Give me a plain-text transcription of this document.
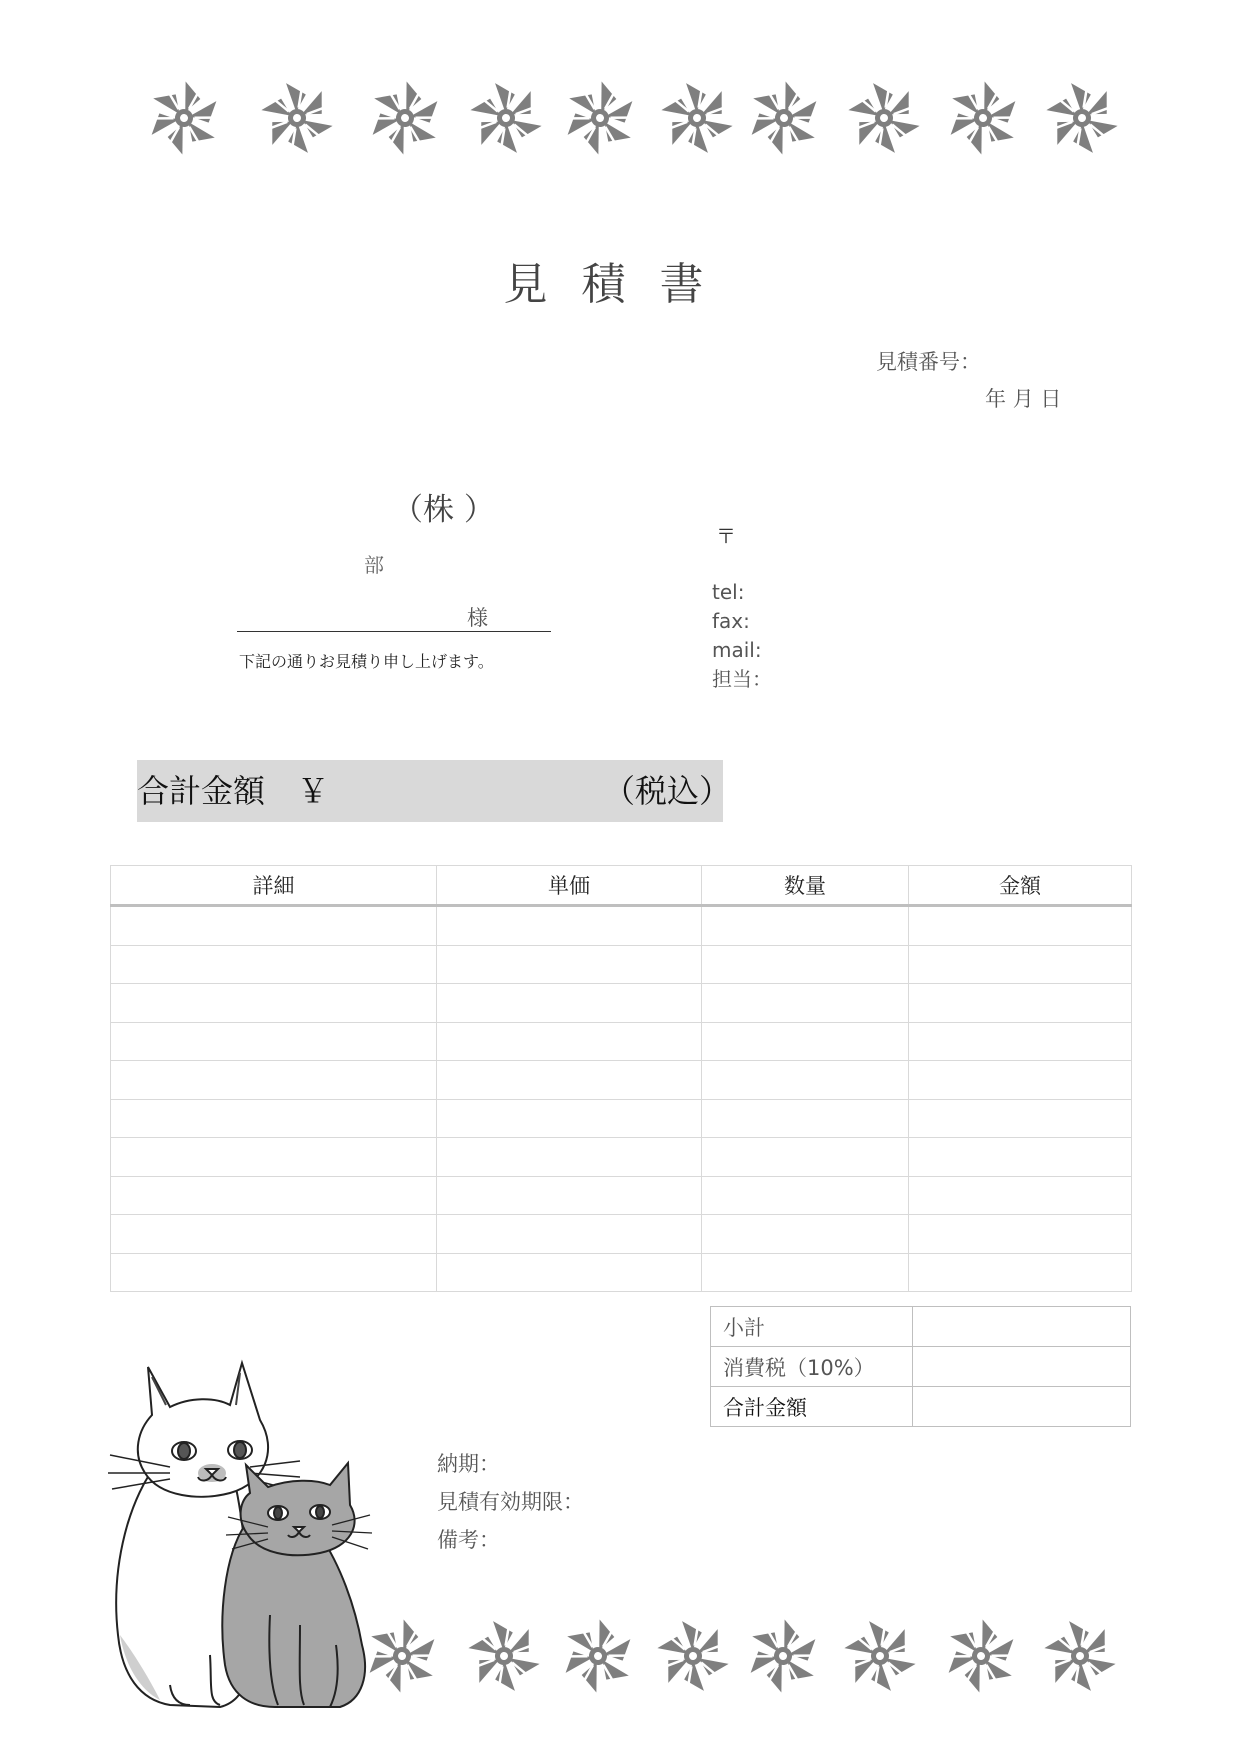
見積書
見積番号：
年 月 日
（株 ）
部
様
下記の通りお見積り申し上げます。
〒
tel:
fax:
mail:
担当：
合計金額　￥	（税込）
詳細	単価	数量	金額

小計	
消費税（10%）	
合計金額	
納期：
見積有効期限：
備考：
